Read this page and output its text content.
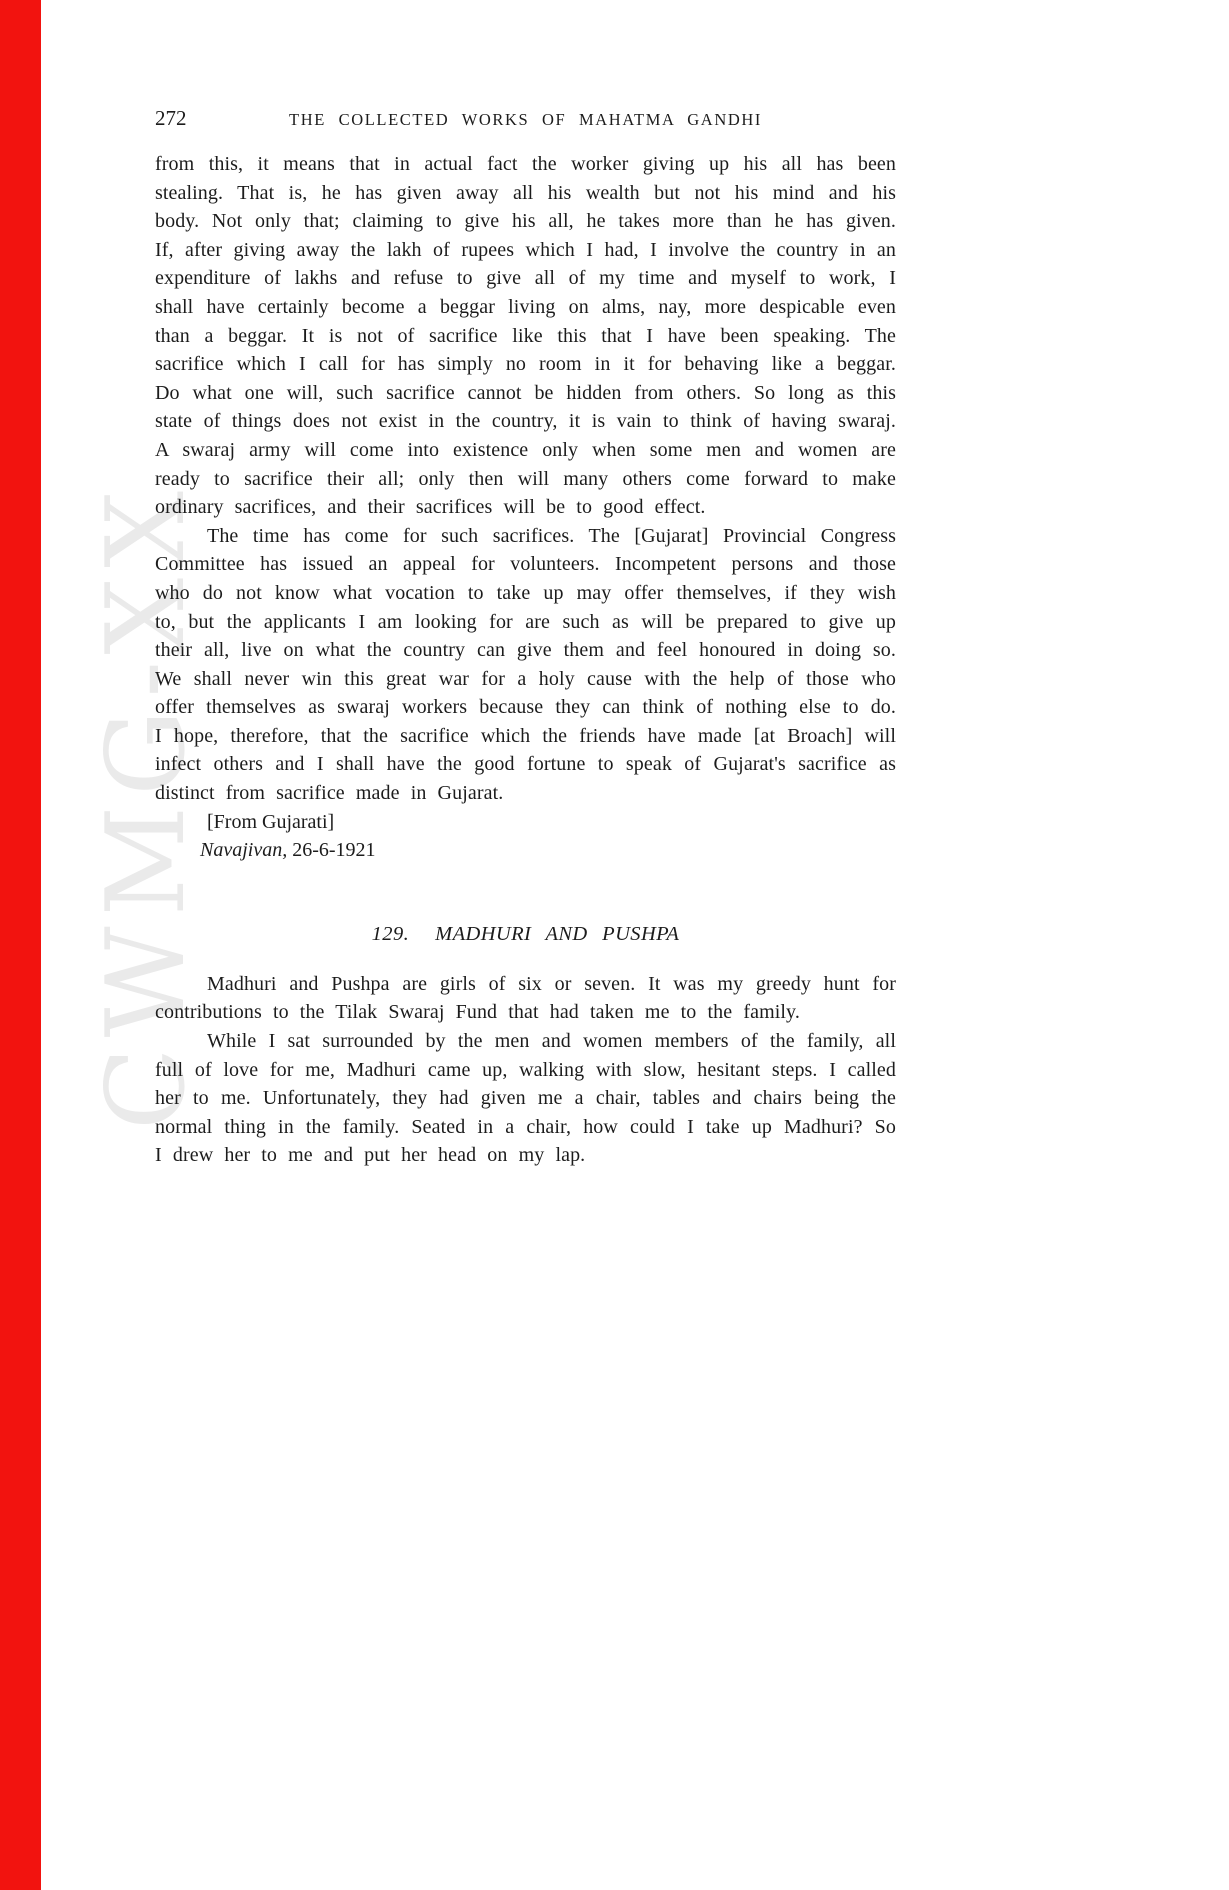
CWMG-XX
272	THE COLLECTED WORKS OF MAHATMA GANDHI

from this, it means that in actual fact the worker giving up his all has been stealing. That is, he has given away all his wealth but not his mind and his body. Not only that; claiming to give his all, he takes more than he has given. If, after giving away the lakh of rupees which I had, I involve the country in an expenditure of lakhs and refuse to give all of my time and myself to work, I shall have certainly become a beggar living on alms, nay, more despicable even than a beggar. It is not of sacrifice like this that I have been speaking. The sacrifice which I call for has simply no room in it for behaving like a beggar. Do what one will, such sacrifice cannot be hidden from others. So long as this state of things does not exist in the country, it is vain to think of having swaraj. A swaraj army will come into existence only when some men and women are ready to sacrifice their all; only then will many others come forward to make ordinary sacrifices, and their sacrifices will be to good effect.

The time has come for such sacrifices. The [Gujarat] Provincial Congress Committee has issued an appeal for volunteers. Incompetent persons and those who do not know what vocation to take up may offer themselves, if they wish to, but the applicants I am looking for are such as will be prepared to give up their all, live on what the country can give them and feel honoured in doing so. We shall never win this great war for a holy cause with the help of those who offer themselves as swaraj workers because they can think of nothing else to do. I hope, therefore, that the sacrifice which the friends have made [at Broach] will infect others and I shall have the good fortune to speak of Gujarat's sacrifice as distinct from sacrifice made in Gujarat.

[From Gujarati]

Navajivan, 26-6-1921

129. MADHURI AND PUSHPA

Madhuri and Pushpa are girls of six or seven. It was my greedy hunt for contributions to the Tilak Swaraj Fund that had taken me to the family.

While I sat surrounded by the men and women members of the family, all full of love for me, Madhuri came up, walking with slow, hesitant steps. I called her to me. Unfortunately, they had given me a chair, tables and chairs being the normal thing in the family. Seated in a chair, how could I take up Madhuri? So I drew her to me and put her head on my lap.
